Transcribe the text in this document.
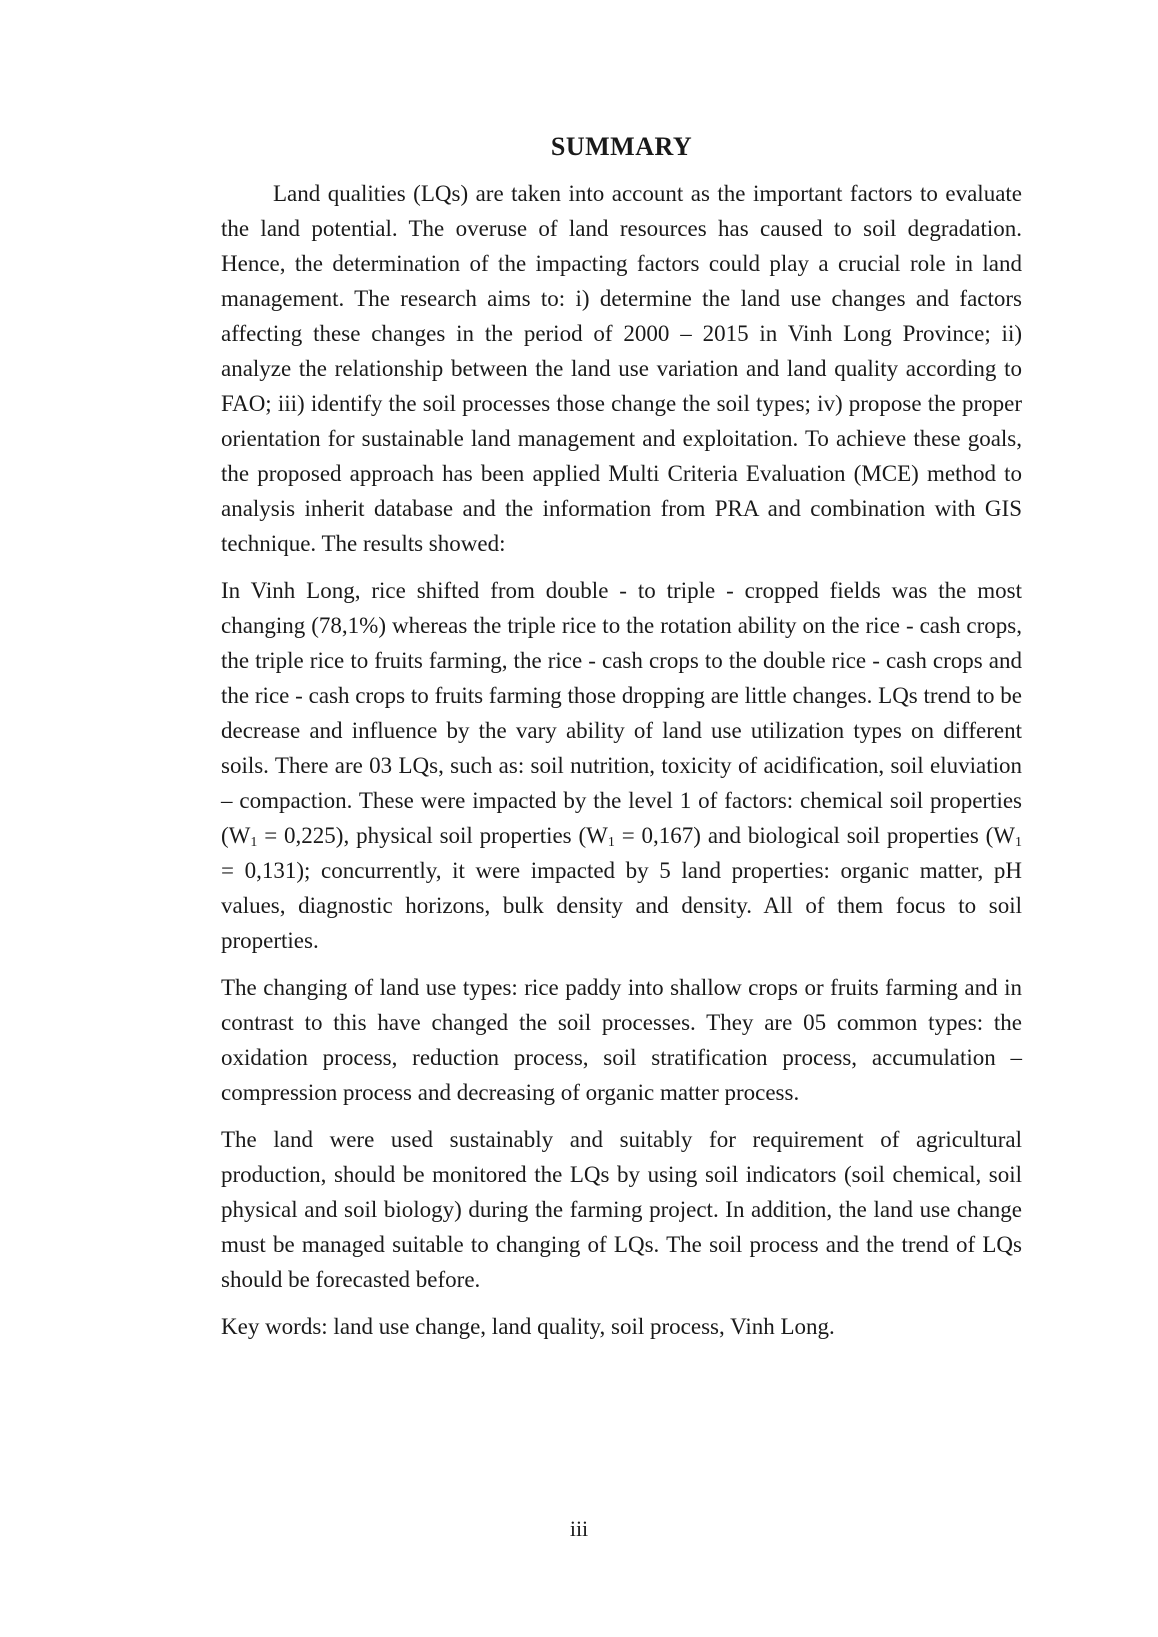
SUMMARY

Land qualities (LQs) are taken into account as the important factors to evaluate the land potential. The overuse of land resources has caused to soil degradation. Hence, the determination of the impacting factors could play a crucial role in land management. The research aims to: i) determine the land use changes and factors affecting these changes in the period of 2000 – 2015 in Vinh Long Province; ii) analyze the relationship between the land use variation and land quality according to FAO; iii) identify the soil processes those change the soil types; iv) propose the proper orientation for sustainable land management and exploitation. To achieve these goals, the proposed approach has been applied Multi Criteria Evaluation (MCE) method to analysis inherit database and the information from PRA and combination with GIS technique. The results showed:

In Vinh Long, rice shifted from double - to triple - cropped fields was the most changing (78,1%) whereas the triple rice to the rotation ability on the rice - cash crops, the triple rice to fruits farming, the rice - cash crops to the double rice - cash crops and the rice - cash crops to fruits farming those dropping are little changes. LQs trend to be decrease and influence by the vary ability of land use utilization types on different soils. There are 03 LQs, such as: soil nutrition, toxicity of acidification, soil eluviation – compaction. These were impacted by the level 1 of factors: chemical soil properties $(W_1 = 0,225)$, physical soil properties $(W_1 = 0,167)$ and biological soil properties $(W_1 = 0,131)$; concurrently, it were impacted by 5 land properties: organic matter, pH values, diagnostic horizons, bulk density and density. All of them focus to soil properties.

The changing of land use types: rice paddy into shallow crops or fruits farming and in contrast to this have changed the soil processes. They are 05 common types: the oxidation process, reduction process, soil stratification process, accumulation – compression process and decreasing of organic matter process.

The land were used sustainably and suitably for requirement of agricultural production, should be monitored the LQs by using soil indicators (soil chemical, soil physical and soil biology) during the farming project. In addition, the land use change must be managed suitable to changing of LQs. The soil process and the trend of LQs should be forecasted before.

Key words: land use change, land quality, soil process, Vinh Long.

iii
